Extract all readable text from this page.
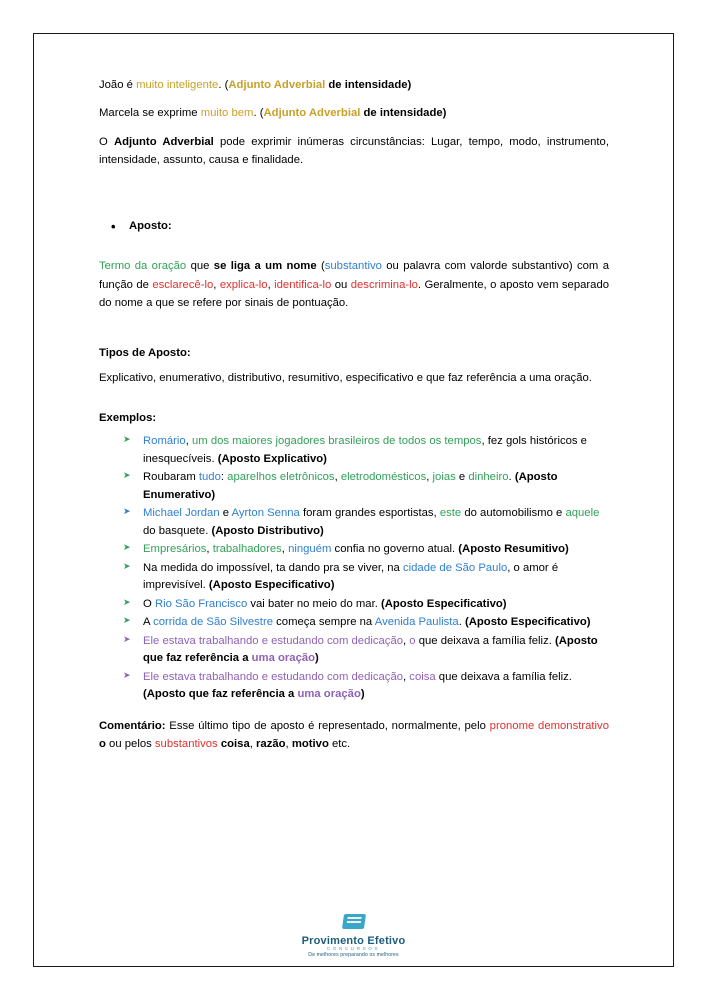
João é muito inteligente. (Adjunto Adverbial de intensidade)

Marcela se exprime muito bem. (Adjunto Adverbial de intensidade)

O Adjunto Adverbial pode exprimir inúmeras circunstâncias: Lugar, tempo, modo, instrumento, intensidade, assunto, causa e finalidade.

• Aposto:

Termo da oração que se liga a um nome (substantivo ou palavra com valorde substantivo) com a função de esclarecê-lo, explica-lo, identifica-lo ou descrimina-lo. Geralmente, o aposto vem separado do nome a que se refere por sinais de pontuação.

Tipos de Aposto:

Explicativo, enumerativo, distributivo, resumitivo, especificativo e que faz referência a uma oração.

Exemplos:
➤ Romário, um dos maiores jogadores brasileiros de todos os tempos, fez gols históricos e inesquecíveis. (Aposto Explicativo)
➤ Roubaram tudo: aparelhos eletrônicos, eletrodomésticos, joias e dinheiro. (Aposto Enumerativo)
➤ Michael Jordan e Ayrton Senna foram grandes esportistas, este do automobilismo e aquele do basquete. (Aposto Distributivo)
➤ Empresários, trabalhadores, ninguém confia no governo atual. (Aposto Resumitivo)
➤ Na medida do impossível, ta dando pra se viver, na cidade de São Paulo, o amor é imprevisível. (Aposto Especificativo)
➤ O Rio São Francisco vai bater no meio do mar. (Aposto Especificativo)
➤ A corrida de São Silvestre começa sempre na Avenida Paulista. (Aposto Especificativo)
➤ Ele estava trabalhando e estudando com dedicação, o que deixava a família feliz. (Aposto que faz referência a uma oração)
➤ Ele estava trabalhando e estudando com dedicação, coisa que deixava a família feliz. (Aposto que faz referência a uma oração)

Comentário: Esse último tipo de aposto é representado, normalmente, pelo pronome demonstrativo o ou pelos substantivos coisa, razão, motivo etc.

Provimento Efetivo
CONCURSOS
De melhores preparando os melhores
